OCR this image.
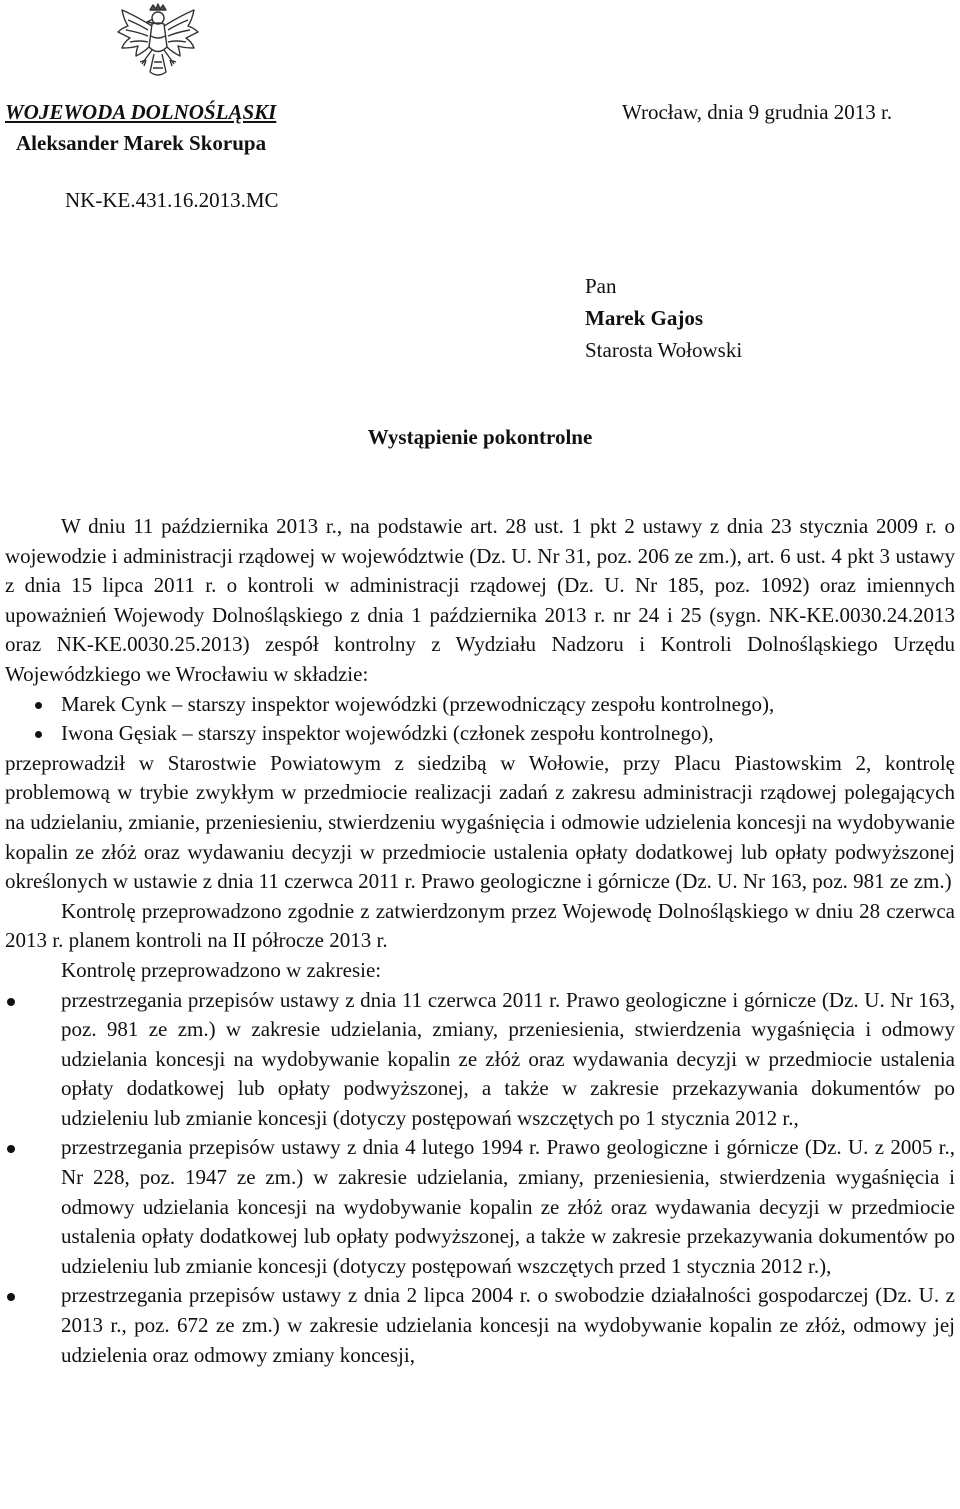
WOJEWODA DOLNOŚLĄSKI

Aleksander Marek Skorupa
Wrocław, dnia 9 grudnia 2013 r.
NK-KE.431.16.2013.MC
Pan
Marek Gajos
Starosta Wołowski
Wystąpienie pokontrolne

W dniu 11 października 2013 r., na podstawie art. 28 ust. 1 pkt 2 ustawy z dnia 23 stycznia 2009 r. o wojewodzie i administracji rządowej w województwie (Dz. U. Nr 31, poz. 206 ze zm.), art. 6 ust. 4 pkt 3 ustawy z dnia 15 lipca 2011 r. o kontroli w administracji rządowej (Dz. U. Nr 185, poz. 1092) oraz imiennych upoważnień Wojewody Dolnośląskiego z dnia 1 października 2013 r. nr 24 i 25 (sygn. NK-KE.0030.24.2013 oraz NK-KE.0030.25.2013) zespół kontrolny z Wydziału Nadzoru i Kontroli Dolnośląskiego Urzędu Wojewódzkiego we Wrocławiu w składzie:

Marek Cynk – starszy inspektor wojewódzki (przewodniczący zespołu kontrolnego),
Iwona Gęsiak – starszy inspektor wojewódzki (członek zespołu kontrolnego),

przeprowadził w Starostwie Powiatowym z siedzibą w Wołowie, przy Placu Piastowskim 2, kontrolę problemową w trybie zwykłym w przedmiocie realizacji zadań z zakresu administracji rządowej polegających na udzielaniu, zmianie, przeniesieniu, stwierdzeniu wygaśnięcia i odmowie udzielenia koncesji na wydobywanie kopalin ze złóż oraz wydawaniu decyzji w przedmiocie ustalenia opłaty dodatkowej lub opłaty podwyższonej określonych w ustawie z dnia 11 czerwca 2011 r. Prawo geologiczne i górnicze (Dz. U. Nr 163, poz. 981 ze zm.)

Kontrolę przeprowadzono zgodnie z zatwierdzonym przez Wojewodę Dolnośląskiego w dniu 28 czerwca 2013 r. planem kontroli na II półrocze 2013 r.

Kontrolę przeprowadzono w zakresie:

przestrzegania przepisów ustawy z dnia 11 czerwca 2011 r. Prawo geologiczne i górnicze (Dz. U. Nr 163, poz. 981 ze zm.) w zakresie udzielania, zmiany, przeniesienia, stwierdzenia wygaśnięcia i odmowy udzielania koncesji na wydobywanie kopalin ze złóż oraz wydawania decyzji w przedmiocie ustalenia opłaty dodatkowej lub opłaty podwyższonej, a także w zakresie przekazywania dokumentów po udzieleniu lub zmianie koncesji (dotyczy postępowań wszczętych po 1 stycznia 2012 r.,
przestrzegania przepisów ustawy z dnia 4 lutego 1994 r. Prawo geologiczne i górnicze (Dz. U. z 2005 r., Nr 228, poz. 1947 ze zm.) w zakresie udzielania, zmiany, przeniesienia, stwierdzenia wygaśnięcia i odmowy udzielania koncesji na wydobywanie kopalin ze złóż oraz wydawania decyzji w przedmiocie ustalenia opłaty dodatkowej lub opłaty podwyższonej, a także w zakresie przekazywania dokumentów po udzieleniu lub zmianie koncesji (dotyczy postępowań wszczętych przed 1 stycznia 2012 r.),
przestrzegania przepisów ustawy z dnia 2 lipca 2004 r. o swobodzie działalności gospodarczej (Dz. U. z 2013 r., poz. 672 ze zm.) w zakresie udzielania koncesji na wydobywanie kopalin ze złóż, odmowy jej udzielenia oraz odmowy zmiany koncesji,
